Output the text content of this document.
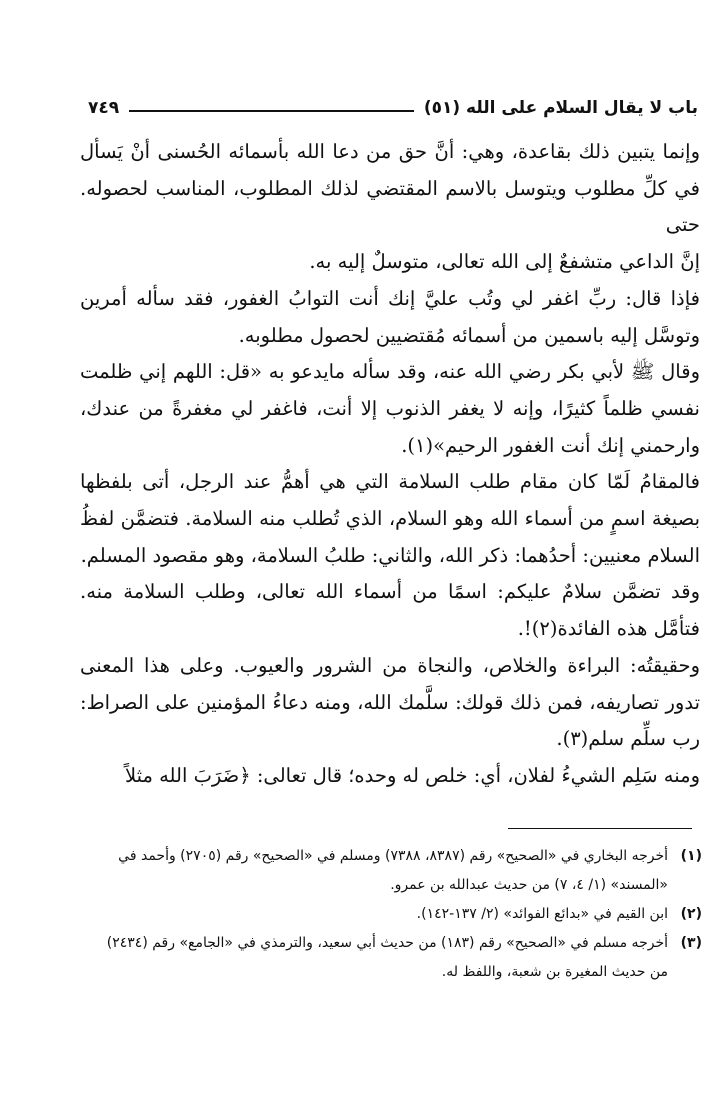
باب لا يقال السلام على الله (٥١)
٧٤٩
وإنما يتبين ذلك بقاعدة، وهي: أنَّ حق من دعا الله بأسمائه الحُسنى أنْ يَسأل
في كلِّ مطلوب ويتوسل بالاسم المقتضي لذلك المطلوب، المناسب لحصوله. حتى
إنَّ الداعي متشفعٌ إلى الله تعالى، متوسلٌ إليه به.
فإذا قال: ربِّ اغفر لي وتُب عليَّ إنك أنت التوابُ الغفور، فقد سأله أمرين
وتوسَّل إليه باسمين من أسمائه مُقتضيين لحصول مطلوبه.
وقال ﷺ لأبي بكر رضي الله عنه، وقد سأله مايدعو به «قل: اللهم إني ظلمت
نفسي ظلماً كثيرًا، وإنه لا يغفر الذنوب إلا أنت، فاغفر لي مغفرةً من عندك،
وارحمني إنك أنت الغفور الرحيم»(١).
فالمقامُ لَمّا كان مقام طلب السلامة التي هي أهمُّ عند الرجل، أتى بلفظها
بصيغة اسمٍ من أسماء الله وهو السلام، الذي تُطلب منه السلامة. فتضمَّن لفظُ
السلام معنيين: أحدُهما: ذكر الله، والثاني: طلبُ السلامة، وهو مقصود المسلم.
وقد تضمَّن سلامٌ عليكم: اسمًا من أسماء الله تعالى، وطلب السلامة منه.
فتأمَّل هذه الفائدة(٢)!.
وحقيقتُه: البراءة والخلاص، والنجاة من الشرور والعيوب. وعلى هذا المعنى
تدور تصاريفه، فمن ذلك قولك: سلَّمك الله، ومنه دعاءُ المؤمنين على الصراط:
رب سلِّم سلم(٣).
ومنه سَلِم الشيءُ لفلان، أي: خلص له وحده؛ قال تعالى: ﴿ضَرَبَ الله مثلاً
(١)
أخرجه البخاري في «الصحيح» رقم (٨٣٨٧، ٧٣٨٨) ومسلم في «الصحيح» رقم (٢٧٠٥) وأحمد في
«المسند» (١/ ٤، ٧) من حديث عبدالله بن عمرو.
(٢)
ابن القيم في «بدائع الفوائد» (٢/ ١٣٧-١٤٢).
(٣)
أخرجه مسلم في «الصحيح» رقم (١٨٣) من حديث أبي سعيد، والترمذي في «الجامع» رقم (٢٤٣٤)
من حديث المغيرة بن شعبة، واللفظ له.
